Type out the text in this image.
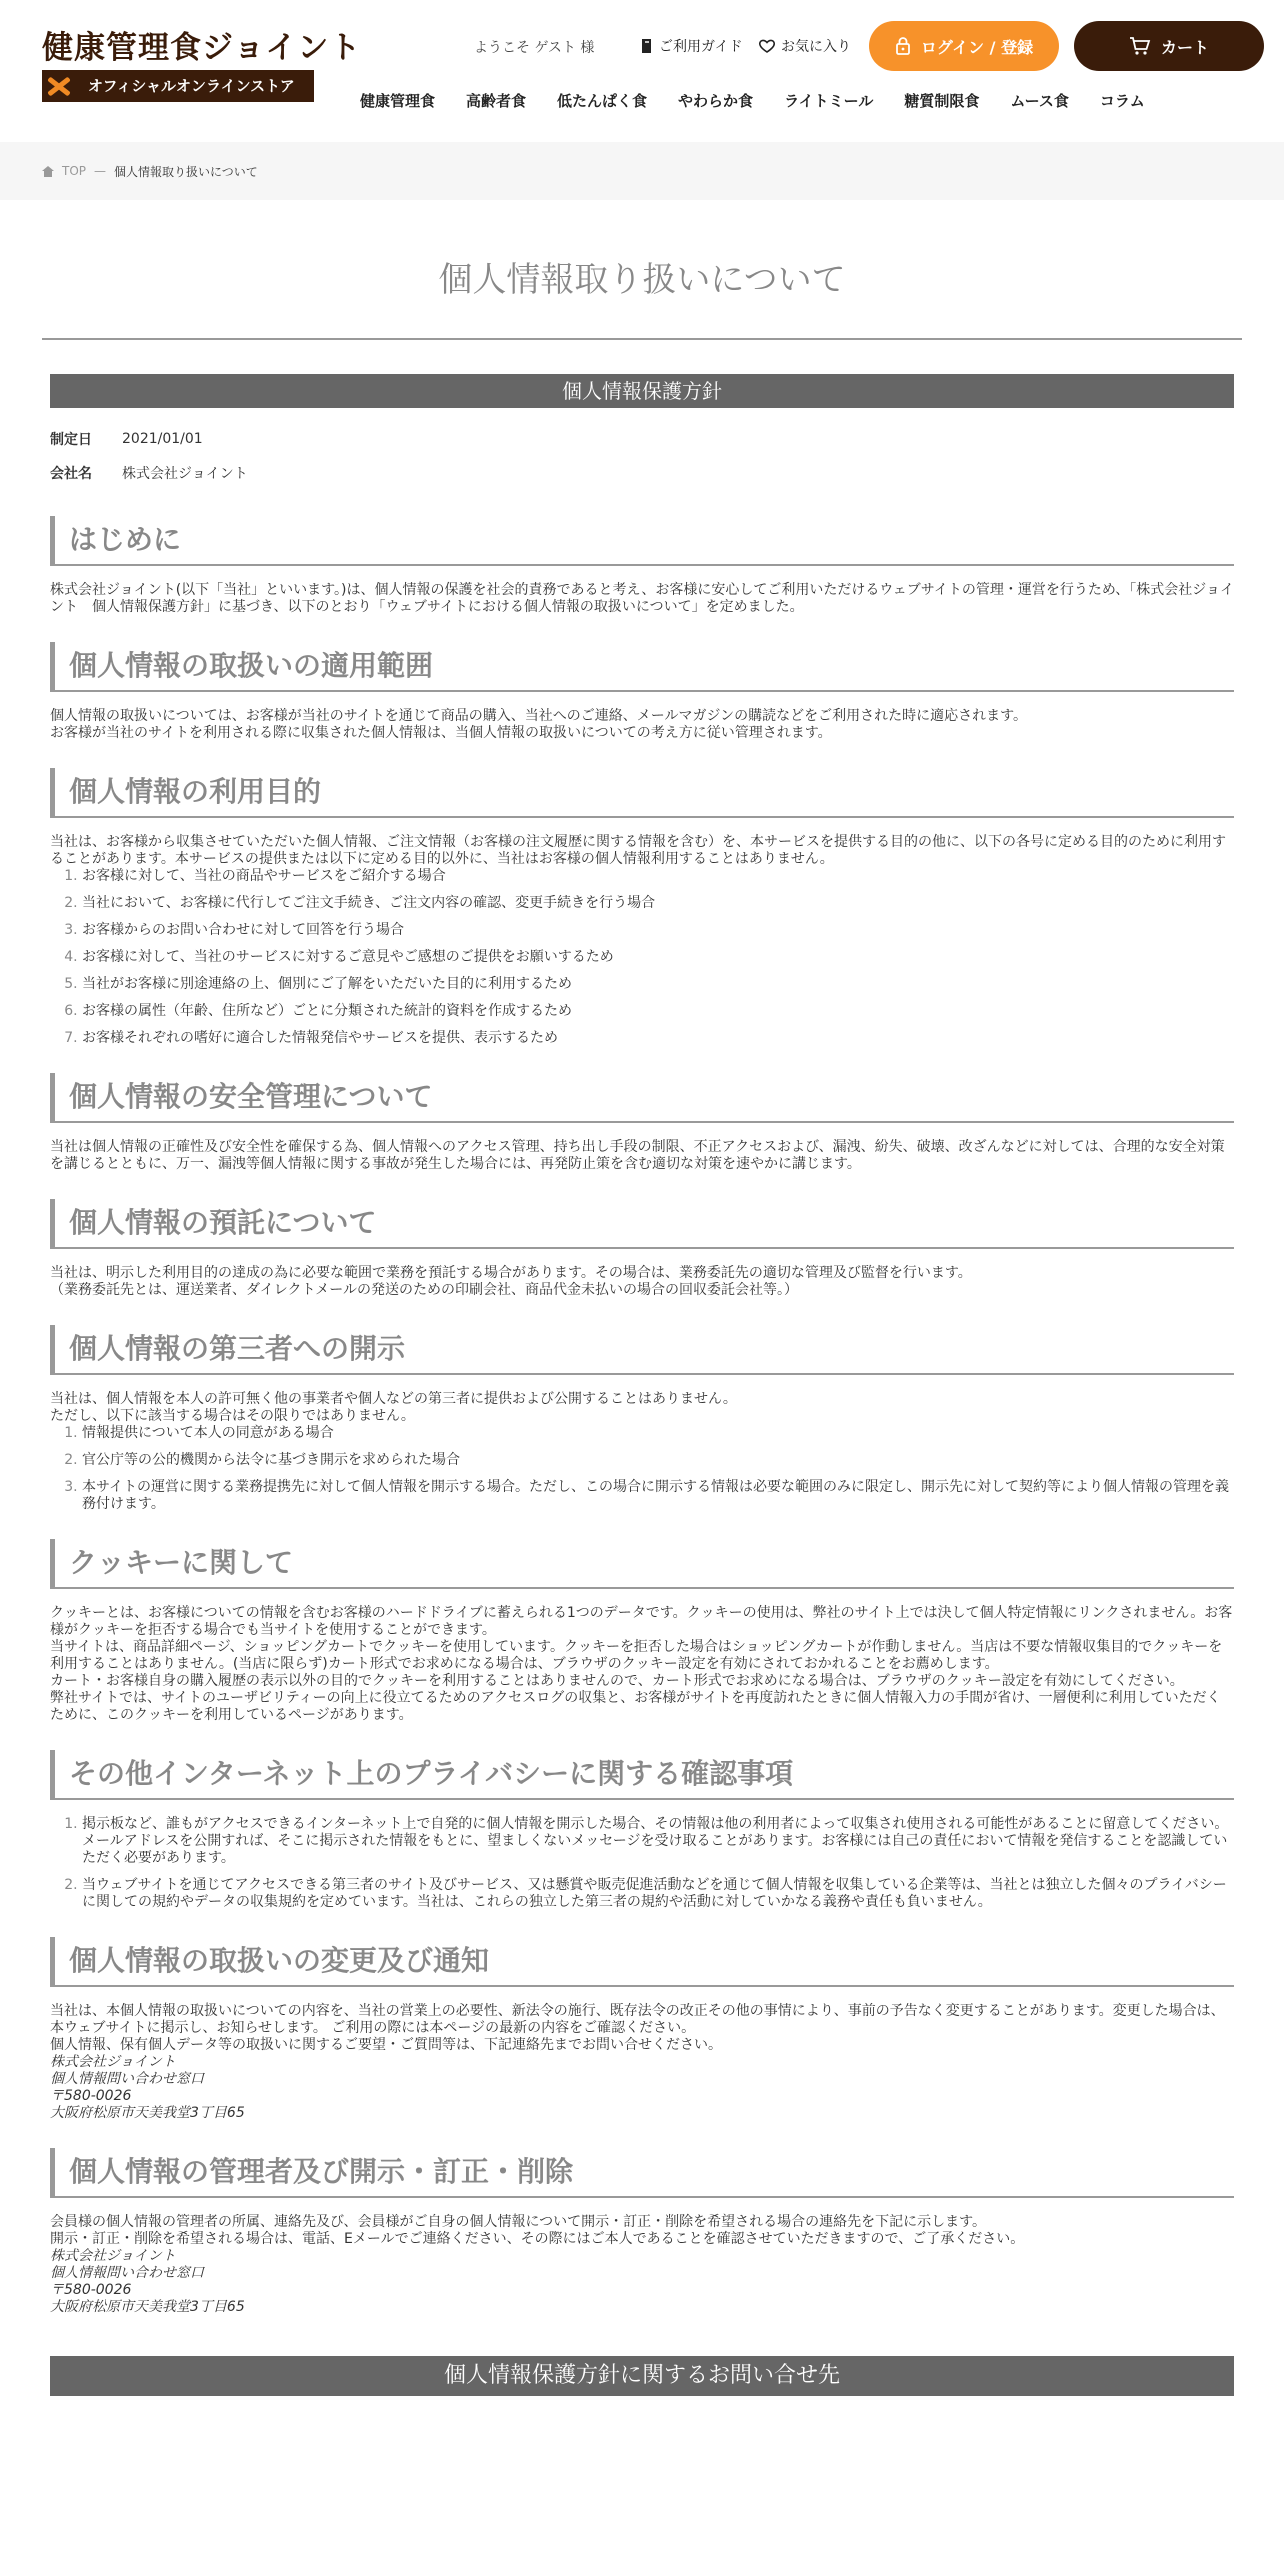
健康管理食ジョイント
オフィシャルオンラインストア
ようこそ ゲスト 様	ご利用ガイド	お気に入り	ログイン / 登録	カート
健康管理食 高齢者食 低たんぱく食 やわらか食 ライトミール 糖質制限食 ムース食 コラム
TOP — 個人情報取り扱いについて
個人情報取り扱いについて
個人情報保護方針
制定日	2021/01/01
会社名	株式会社ジョイント
はじめに

株式会社ジョイント(以下「当社」といいます。)は、個人情報の保護を社会的責務であると考え、お客様に安心してご利用いただけるウェブサイトの管理・運営を行うため、「株式会社ジョイント　個人情報保護方針」に基づき、以下のとおり「ウェブサイトにおける個人情報の取扱いについて」を定めました。

個人情報の取扱いの適用範囲

個人情報の取扱いについては、お客様が当社のサイトを通じて商品の購入、当社へのご連絡、メールマガジンの購読などをご利用された時に適応されます。

お客様が当社のサイトを利用される際に収集された個人情報は、当個人情報の取扱いについての考え方に従い管理されます。

個人情報の利用目的

当社は、お客様から収集させていただいた個人情報、ご注文情報（お客様の注文履歴に関する情報を含む）を、本サービスを提供する目的の他に、以下の各号に定める目的のために利用することがあります。本サービスの提供または以下に定める目的以外に、当社はお客様の個人情報利用することはありません。

1. お客様に対して、当社の商品やサービスをご紹介する場合
2. 当社において、お客様に代行してご注文手続き、ご注文内容の確認、変更手続きを行う場合
3. お客様からのお問い合わせに対して回答を行う場合
4. お客様に対して、当社のサービスに対するご意見やご感想のご提供をお願いするため
5. 当社がお客様に別途連絡の上、個別にご了解をいただいた目的に利用するため
6. お客様の属性（年齢、住所など）ごとに分類された統計的資料を作成するため
7. お客様それぞれの嗜好に適合した情報発信やサービスを提供、表示するため
個人情報の安全管理について

当社は個人情報の正確性及び安全性を確保する為、個人情報へのアクセス管理、持ち出し手段の制限、不正アクセスおよび、漏洩、紛失、破壊、改ざんなどに対しては、合理的な安全対策を講じるとともに、万一、漏洩等個人情報に関する事故が発生した場合には、再発防止策を含む適切な対策を速やかに講じます。

個人情報の預託について

当社は、明示した利用目的の達成の為に必要な範囲で業務を預託する場合があります。その場合は、業務委託先の適切な管理及び監督を行います。

（業務委託先とは、運送業者、ダイレクトメールの発送のための印刷会社、商品代金未払いの場合の回収委託会社等。）

個人情報の第三者への開示

当社は、個人情報を本人の許可無く他の事業者や個人などの第三者に提供および公開することはありません。

ただし、以下に該当する場合はその限りではありません。

1. 情報提供について本人の同意がある場合
2. 官公庁等の公的機関から法令に基づき開示を求められた場合
3. 本サイトの運営に関する業務提携先に対して個人情報を開示する場合。ただし、この場合に開示する情報は必要な範囲のみに限定し、開示先に対して契約等により個人情報の管理を義務付けます。
クッキーに関して

クッキーとは、お客様についての情報を含むお客様のハードドライブに蓄えられる1つのデータです。クッキーの使用は、弊社のサイト上では決して個人特定情報にリンクされません。お客様がクッキーを拒否する場合でも当サイトを使用することができます。

当サイトは、商品詳細ページ、ショッピングカートでクッキーを使用しています。クッキーを拒否した場合はショッピングカートが作動しません。当店は不要な情報収集目的でクッキーを利用することはありません。(当店に限らず)カート形式でお求めになる場合は、ブラウザのクッキー設定を有効にされておかれることをお薦めします。

カート・お客様自身の購入履歴の表示以外の目的でクッキーを利用することはありませんので、カート形式でお求めになる場合は、ブラウザのクッキー設定を有効にしてください。

弊社サイトでは、サイトのユーザビリティーの向上に役立てるためのアクセスログの収集と、お客様がサイトを再度訪れたときに個人情報入力の手間が省け、一層便利に利用していただくために、このクッキーを利用しているページがあります。

その他インターネット上のプライバシーに関する確認事項
1. 掲示板など、誰もがアクセスできるインターネット上で自発的に個人情報を開示した場合、その情報は他の利用者によって収集され使用される可能性があることに留意してください。メールアドレスを公開すれば、そこに掲示された情報をもとに、望ましくないメッセージを受け取ることがあります。お客様には自己の責任において情報を発信することを認識していただく必要があります。
2. 当ウェブサイトを通じてアクセスできる第三者のサイト及びサービス、又は懸賞や販売促進活動などを通じて個人情報を収集している企業等は、当社とは独立した個々のプライバシーに関しての規約やデータの収集規約を定めています。当社は、これらの独立した第三者の規約や活動に対していかなる義務や責任も負いません。
個人情報の取扱いの変更及び通知

当社は、本個人情報の取扱いについての内容を、当社の営業上の必要性、新法令の施行、既存法令の改正その他の事情により、事前の予告なく変更することがあります。変更した場合は、本ウェブサイトに掲示し、お知らせします。 ご利用の際には本ページの最新の内容をご確認ください。

個人情報、保有個人データ等の取扱いに関するご要望・ご質問等は、下記連絡先までお問い合せください。

株式会社ジョイント
個人情報問い合わせ窓口
〒580-0026
大阪府松原市天美我堂3丁目65
個人情報の管理者及び開示・訂正・削除

会員様の個人情報の管理者の所属、連絡先及び、会員様がご自身の個人情報について開示・訂正・削除を希望される場合の連絡先を下記に示します。

開示・訂正・削除を希望される場合は、電話、Eメールでご連絡ください、その際にはご本人であることを確認させていただきますので、ご了承ください。

株式会社ジョイント
個人情報問い合わせ窓口
〒580-0026
大阪府松原市天美我堂3丁目65
個人情報保護方針に関するお問い合せ先
